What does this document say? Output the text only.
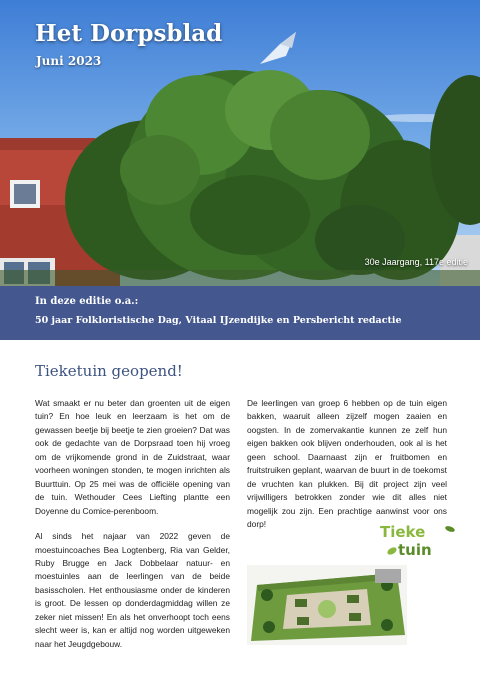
Het Dorpsblad
Juni 2023
30e Jaargang, 117e editie
In deze editie o.a.:
50 jaar Folkloristische Dag, Vitaal IJzendijke en Persbericht redactie
Tieketuin geopend!

Wat smaakt er nu beter dan groenten uit de eigen tuin? En hoe leuk en leerzaam is het om de gewassen beetje bij beetje te zien groeien? Dat was ook de gedachte van de Dorpsraad toen hij vroeg om de vrijkomende grond in de Zuidstraat, waar voorheen woningen stonden, te mogen inrichten als Buurttuin. Op 25 mei was de officiële opening van de tuin. Wethouder Cees Liefting plantte een Doyenne du Comice-perenboom.

Al sinds het najaar van 2022 geven de moestuincoaches Bea Logtenberg, Ria van Gelder, Ruby Brugge en Jack Dobbelaar natuur- en moestuinles aan de leerlingen van de beide basisscholen. Het enthousiasme onder de kinderen is groot. De lessen op donderdagmiddag willen ze zeker niet missen! En als het onverhoopt toch eens slecht weer is, kan er altijd nog worden uitgeweken naar het Jeugdgebouw.

De leerlingen van groep 6 hebben op de tuin eigen bakken, waaruit alleen zijzelf mogen zaaien en oogsten. In de zomervakantie kunnen ze zelf hun eigen bakken ook blijven onderhouden, ook al is het geen school. Daarnaast zijn er fruitbomen en fruitstruiken geplant, waarvan de buurt in de toekomst de vruchten kan plukken. Bij dit project zijn veel vrijwilligers betrokken zonder wie dit alles niet mogelijk zou zijn. Een prachtige aanwinst voor ons dorp!	Tieke
tuin
